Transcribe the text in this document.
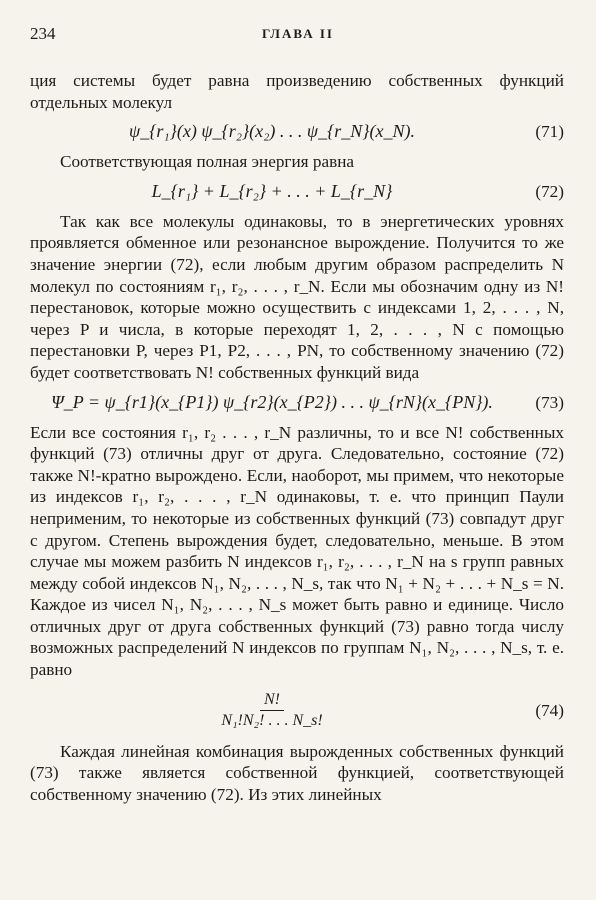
234	ГЛАВА II

ция системы будет равна произведению собственных функций отдельных молекул

ψ_{r₁}(x) ψ_{r₂}(x₂) . . . ψ_{r_N}(x_N).	(71)

Соответствующая полная энергия равна

L_{r₁} + L_{r₂} + . . . + L_{r_N}	(72)

Так как все молекулы одинаковы, то в энергетических уровнях проявляется обменное или резонансное вырождение. Получится то же значение энергии (72), если любым другим образом распределить N молекул по состояниям r₁, r₂, . . . , r_N. Если мы обозначим одну из N! перестановок, которые можно осуществить с индексами 1, 2, . . . , N, через P и числа, в которые переходят 1, 2, . . . , N с помощью перестановки P, через P1, P2, . . . , PN, то собственному значению (72) будет соответствовать N! собственных функций вида

Ψ_P = ψ_{r1}(x_{P1}) ψ_{r2}(x_{P2}) . . . ψ_{rN}(x_{PN}).	(73)

Если все состояния r₁, r₂ . . . , r_N различны, то и все N! собственных функций (73) отличны друг от друга. Следовательно, состояние (72) также N!-кратно вырождено. Если, наоборот, мы примем, что некоторые из индексов r₁, r₂, . . . , r_N одинаковы, т. е. что принцип Паули неприменим, то некоторые из собственных функций (73) совпадут друг с другом. Степень вырождения будет, следовательно, меньше. В этом случае мы можем разбить N индексов r₁, r₂, . . . , r_N на s групп равных между собой индексов N₁, N₂, . . . , N_s, так что N₁ + N₂ + . . . + N_s = N. Каждое из чисел N₁, N₂, . . . , N_s может быть равно и единице. Число отличных друг от друга собственных функций (73) равно тогда числу возможных распределений N индексов по группам N₁, N₂, . . . , N_s, т. е. равно

$\frac{N!}{\text{N₁!N₂! . . . N\_s!}}$	(74)

Каждая линейная комбинация вырожденных собственных функций (73) также является собственной функцией, соответствующей собственному значению (72). Из этих линейных
